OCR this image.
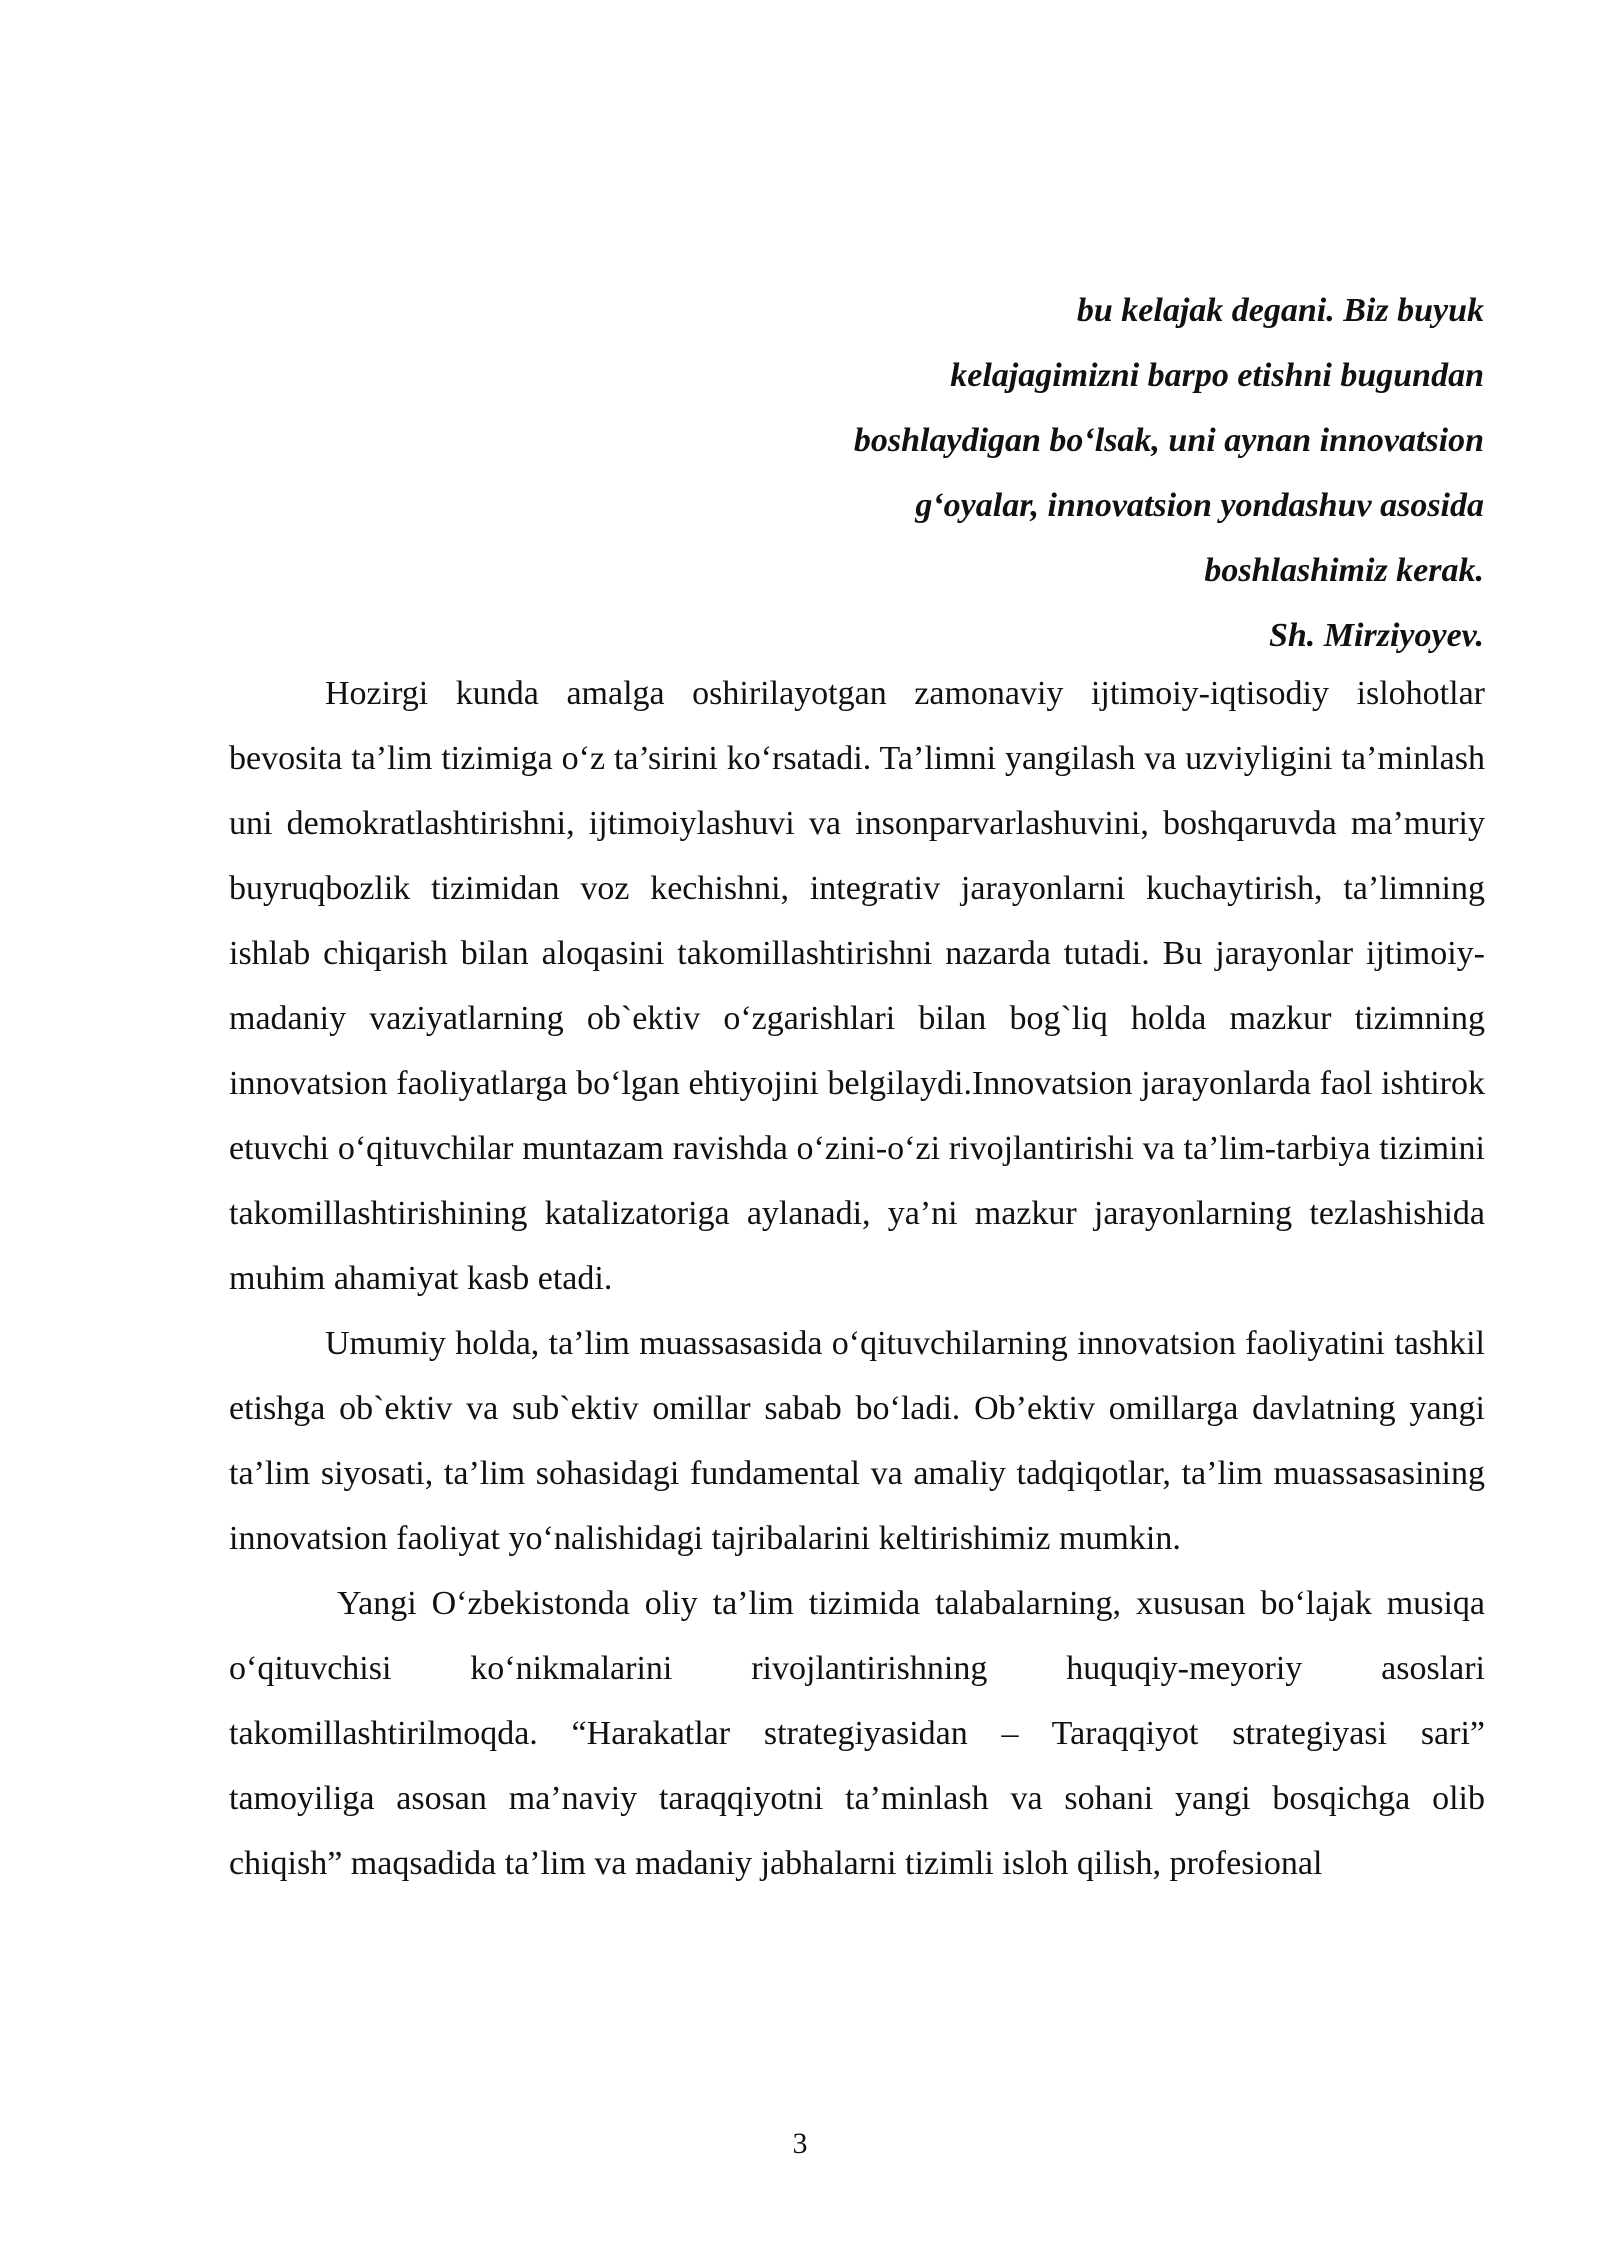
bu kelajak degani. Biz buyuk
kelajagimizni barpo etishni bugundan
boshlaydigan bo‘lsak, uni aynan innovatsion
g‘oyalar, innovatsion yondashuv asosida
boshlashimiz kerak.
Sh. Mirziyoyev.

Hozirgi kunda amalga oshirilayotgan zamonaviy ijtimoiy-iqtisodiy islohotlar bevosita ta’lim tizimiga o‘z ta’sirini ko‘rsatadi. Ta’limni yangilash va uzviyligini ta’minlash uni demokratlashtirishni, ijtimoiylashuvi va insonparvarlashuvini, boshqaruvda ma’muriy buyruqbozlik tizimidan voz kechishni, integrativ jarayonlarni kuchaytirish, ta’limning ishlab chiqarish bilan aloqasini takomillashtirishni nazarda tutadi. Bu jarayonlar ijtimoiy-madaniy vaziyatlarning ob`ektiv o‘zgarishlari bilan bog`liq holda mazkur tizimning innovatsion faoliyatlarga bo‘lgan ehtiyojini belgilaydi.Innovatsion jarayonlarda faol ishtirok etuvchi o‘qituvchilar muntazam ravishda o‘zini-o‘zi rivojlantirishi va ta’lim-tarbiya tizimini takomillashtirishining katalizatoriga aylanadi, ya’ni mazkur jarayonlarning tezlashishida muhim ahamiyat kasb etadi.

Umumiy holda, ta’lim muassasasida o‘qituvchilarning innovatsion faoliyatini tashkil etishga ob`ektiv va sub`ektiv omillar sabab bo‘ladi. Ob’ektiv omillarga davlatning yangi ta’lim siyosati, ta’lim sohasidagi fundamental va amaliy tadqiqotlar, ta’lim muassasasining innovatsion faoliyat yo‘nalishidagi tajribalarini keltirishimiz mumkin.

Yangi O‘zbekistonda oliy ta’lim tizimida talabalarning, xususan bo‘lajak musiqa o‘qituvchisi ko‘nikmalarini rivojlantirishning huquqiy-meyoriy asoslari takomillashtirilmoqda. “Harakatlar strategiyasidan – Taraqqiyot strategiyasi sari” tamoyiliga asosan ma’naviy taraqqiyotni ta’minlash va sohani yangi bosqichga olib chiqish” maqsadida ta’lim va madaniy jabhalarni tizimli isloh qilish, profesional

3
